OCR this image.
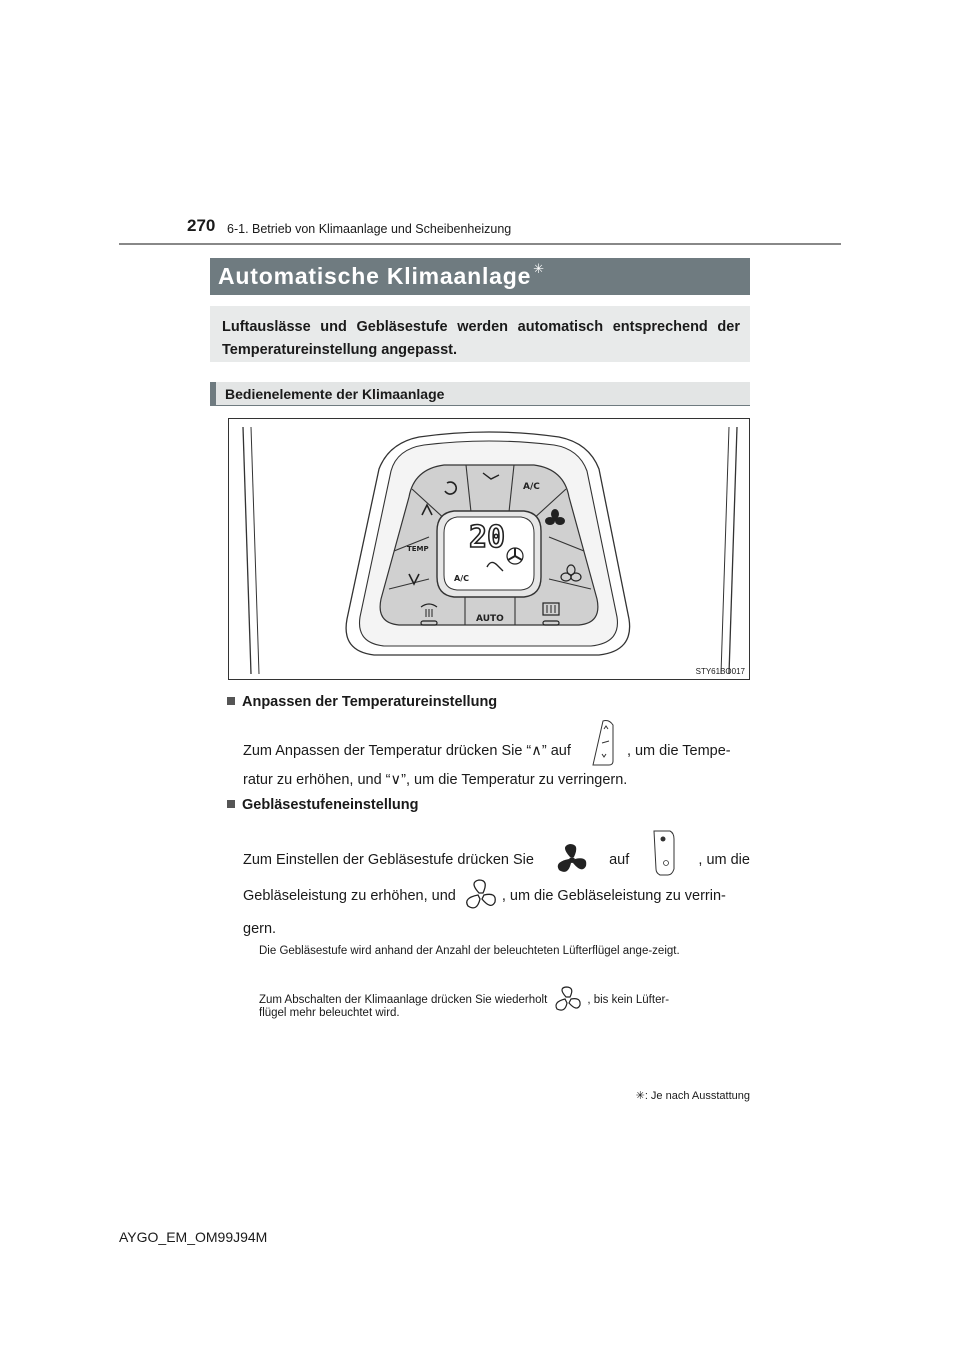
270 6-1. Betrieb von Klimaanlage und Scheibenheizung
Automatische Klimaanlage ✳
Luftauslässe und Gebläsestufe werden automatisch entsprechend der Temperatureinstellung angepasst.
Bedienelemente der Klimaanlage
20
A/C
A/C
TEMP
AUTO
STY61BO017
Anpassen der Temperatureinstellung
Zum Anpassen der Temperatur drücken Sie “∧” auf	, um die Tempe-
ratur zu erhöhen, und “∨”, um die Temperatur zu verringern.
Gebläsestufeneinstellung
Zum Einstellen der Gebläsestufe drücken Sie	auf	, um die
Gebläseleistung zu erhöhen, und	, um die Gebläseleistung zu verrin-
gern.
Die Gebläsestufe wird anhand der Anzahl der beleuchteten Lüfterflügel ange-zeigt.
Zum Abschalten der Klimaanlage drücken Sie wiederholt	, bis kein Lüfter-
flügel mehr beleuchtet wird.
✳: Je nach Ausstattung
AYGO_EM_OM99J94M
